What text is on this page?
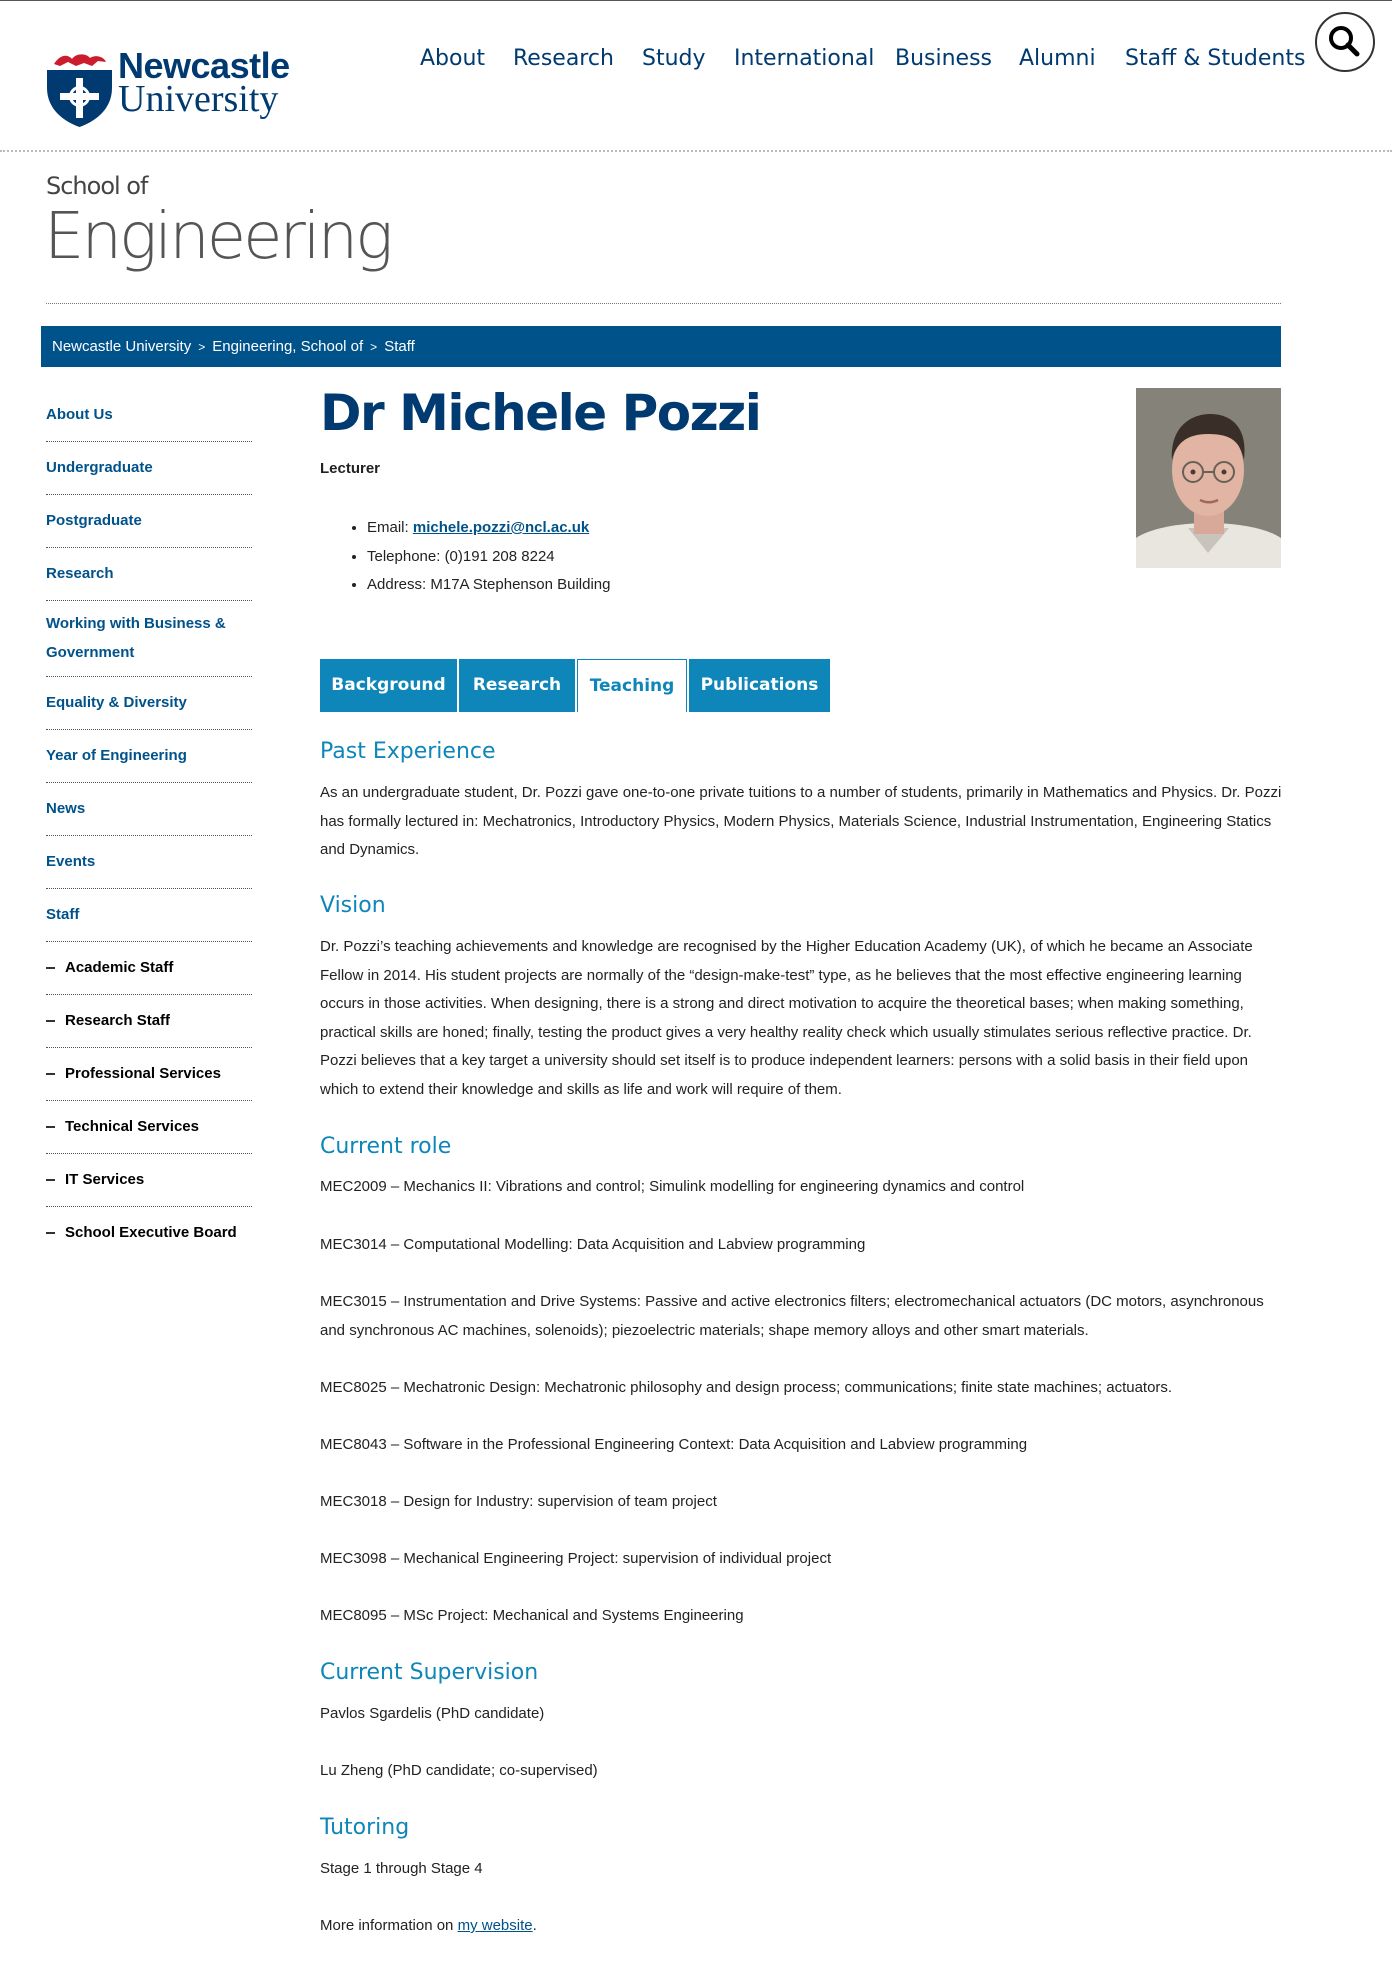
Newcastle
University
About Research Study International Business Alumni Staff & Students
School of
Engineering
Newcastle University > Engineering, School of > Staff
About Us
Undergraduate
Postgraduate
Research
Working with Business & Government
Equality & Diversity
Year of Engineering
News
Events
Staff
Academic Staff
Research Staff
Professional Services
Technical Services
IT Services
School Executive Board
Dr Michele Pozzi
Lecturer
• Email: michele.pozzi@ncl.ac.uk
• Telephone: (0)191 208 8224
• Address: M17A Stephenson Building
Background	Research	Teaching	Publications
Past Experience

As an undergraduate student, Dr. Pozzi gave one-to-one private tuitions to a number of students, primarily in Mathematics and Physics. Dr. Pozzi has formally lectured in: Mechatronics, Introductory Physics, Modern Physics, Materials Science, Industrial Instrumentation, Engineering Statics and Dynamics.

Vision

Dr. Pozzi’s teaching achievements and knowledge are recognised by the Higher Education Academy (UK), of which he became an Associate Fellow in 2014. His student projects are normally of the “design-make-test” type, as he believes that the most effective engineering learning occurs in those activities. When designing, there is a strong and direct motivation to acquire the theoretical bases; when making something, practical skills are honed; finally, testing the product gives a very healthy reality check which usually stimulates serious reflective practice. Dr. Pozzi believes that a key target a university should set itself is to produce independent learners: persons with a solid basis in their field upon which to extend their knowledge and skills as life and work will require of them.

Current role

MEC2009 – Mechanics II: Vibrations and control; Simulink modelling for engineering dynamics and control

MEC3014 – Computational Modelling: Data Acquisition and Labview programming

MEC3015 – Instrumentation and Drive Systems: Passive and active electronics filters; electromechanical actuators (DC motors, asynchronous and synchronous AC machines, solenoids); piezoelectric materials; shape memory alloys and other smart materials.

MEC8025 – Mechatronic Design: Mechatronic philosophy and design process; communications; finite state machines; actuators.

MEC8043 – Software in the Professional Engineering Context: Data Acquisition and Labview programming

MEC3018 – Design for Industry: supervision of team project

MEC3098 – Mechanical Engineering Project: supervision of individual project

MEC8095 – MSc Project: Mechanical and Systems Engineering

Current Supervision

Pavlos Sgardelis (PhD candidate)

Lu Zheng (PhD candidate; co-supervised)

Tutoring

Stage 1 through Stage 4

More information on my website.
